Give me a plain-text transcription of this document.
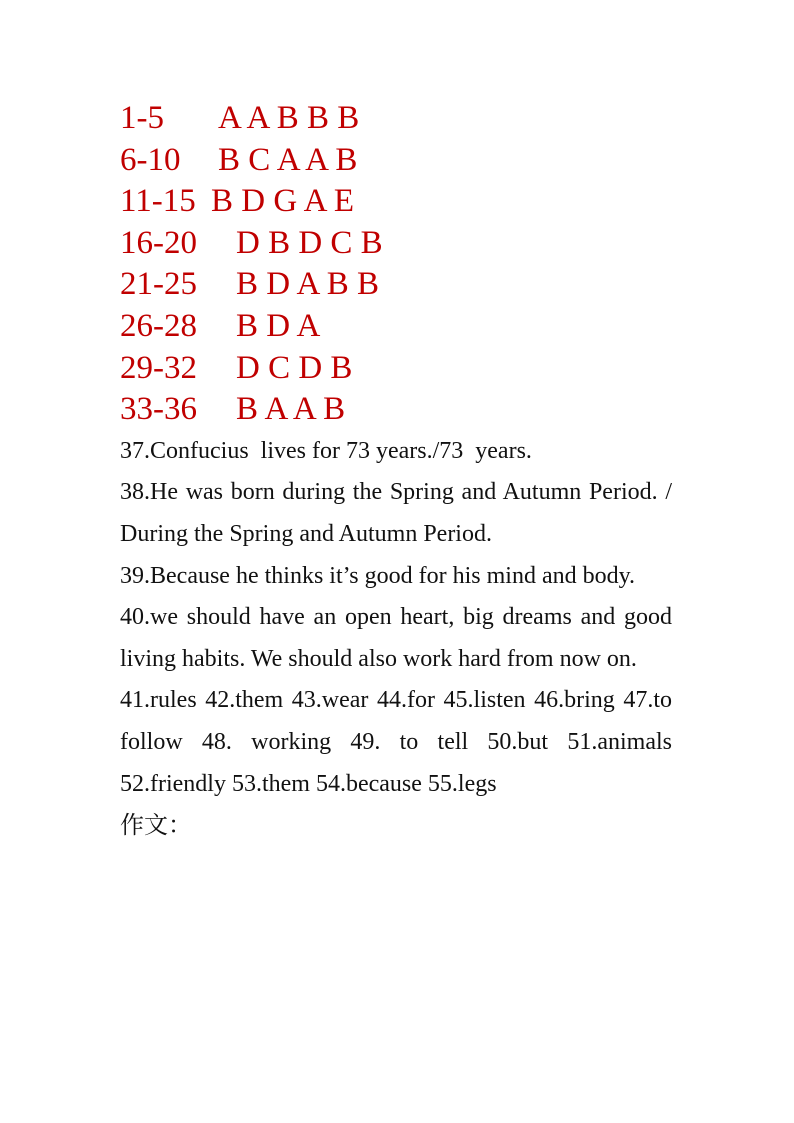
1-5 A A B B B
6-10 B C A A B
11-15 B D G A E
16-20 D B D C B
21-25 B D A B B
26-28 B D A
29-32 D C D B
33-36 B A A B
37.Confucius  lives for 73 years./73  years.
38.He was born during the Spring and Autumn Period. / During the Spring and Autumn Period.
39.Because he thinks it’s good for his mind and body.
40.we should have an open heart, big dreams and good living habits. We should also work hard from now on.
41.rules 42.them 43.wear 44.for 45.listen 46.bring 47.to follow 48. working 49. to tell 50.but 51.animals 52.friendly 53.them 54.because 55.legs
作文：
